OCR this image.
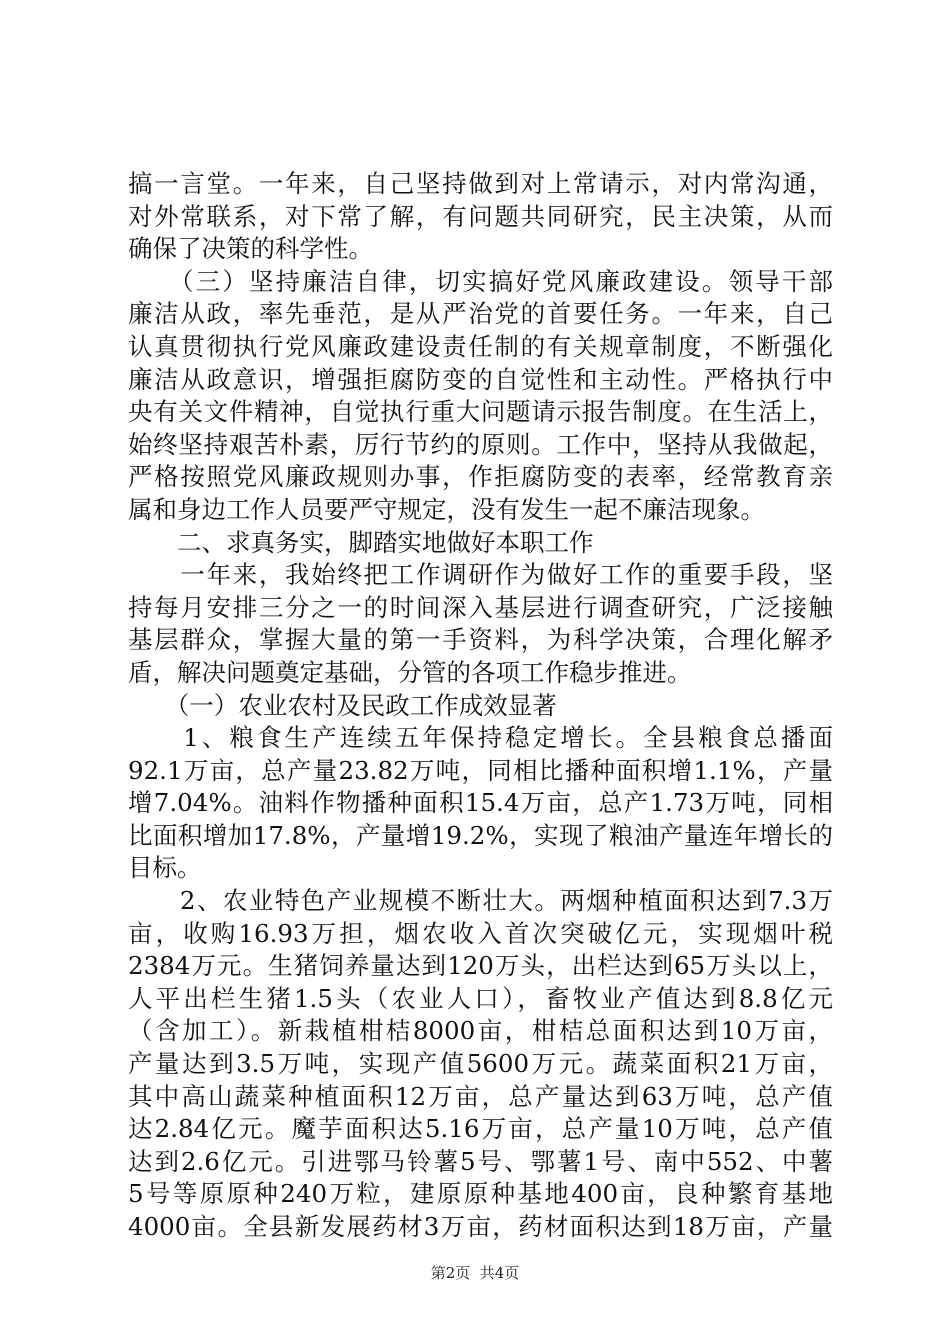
搞一言堂。一年来，自己坚持做到对上常请示，对内常沟通，
对外常联系，对下常了解，有问题共同研究，民主决策，从而
确保了决策的科学性。
　　（三）坚持廉洁自律，切实搞好党风廉政建设。领导干部
廉洁从政，率先垂范，是从严治党的首要任务。一年来，自己
认真贯彻执行党风廉政建设责任制的有关规章制度，不断强化
廉洁从政意识，增强拒腐防变的自觉性和主动性。严格执行中
央有关文件精神，自觉执行重大问题请示报告制度。在生活上，
始终坚持艰苦朴素，厉行节约的原则。工作中，坚持从我做起，
严格按照党风廉政规则办事，作拒腐防变的表率，经常教育亲
属和身边工作人员要严守规定，没有发生一起不廉洁现象。
　　二、求真务实，脚踏实地做好本职工作
　　一年来，我始终把工作调研作为做好工作的重要手段，坚
持每月安排三分之一的时间深入基层进行调查研究，广泛接触
基层群众，掌握大量的第一手资料，为科学决策，合理化解矛
盾，解决问题奠定基础，分管的各项工作稳步推进。
　　（一）农业农村及民政工作成效显著
　　1、粮食生产连续五年保持稳定增长。全县粮食总播面
92.1万亩，总产量23.82万吨，同相比播种面积增1.1%，产量
增7.04%。油料作物播种面积15.4万亩，总产1.73万吨，同相
比面积增加17.8%，产量增19.2%，实现了粮油产量连年增长的
目标。
　　2、农业特色产业规模不断壮大。两烟种植面积达到7.3万
亩，收购16.93万担，烟农收入首次突破亿元，实现烟叶税
2384万元。生猪饲养量达到120万头，出栏达到65万头以上，
人平出栏生猪1.5头（农业人口），畜牧业产值达到8.8亿元
（含加工）。新栽植柑桔8000亩，柑桔总面积达到10万亩，
产量达到3.5万吨，实现产值5600万元。蔬菜面积21万亩，
其中高山蔬菜种植面积12万亩，总产量达到63万吨，总产值
达2.84亿元。魔芋面积达5.16万亩，总产量10万吨，总产值
达到2.6亿元。引进鄂马铃薯5号、鄂薯1号、南中552、中薯
5号等原原种240万粒，建原原种基地400亩，良种繁育基地
4000亩。全县新发展药材3万亩，药材面积达到18万亩，产量
第2页  共4页
